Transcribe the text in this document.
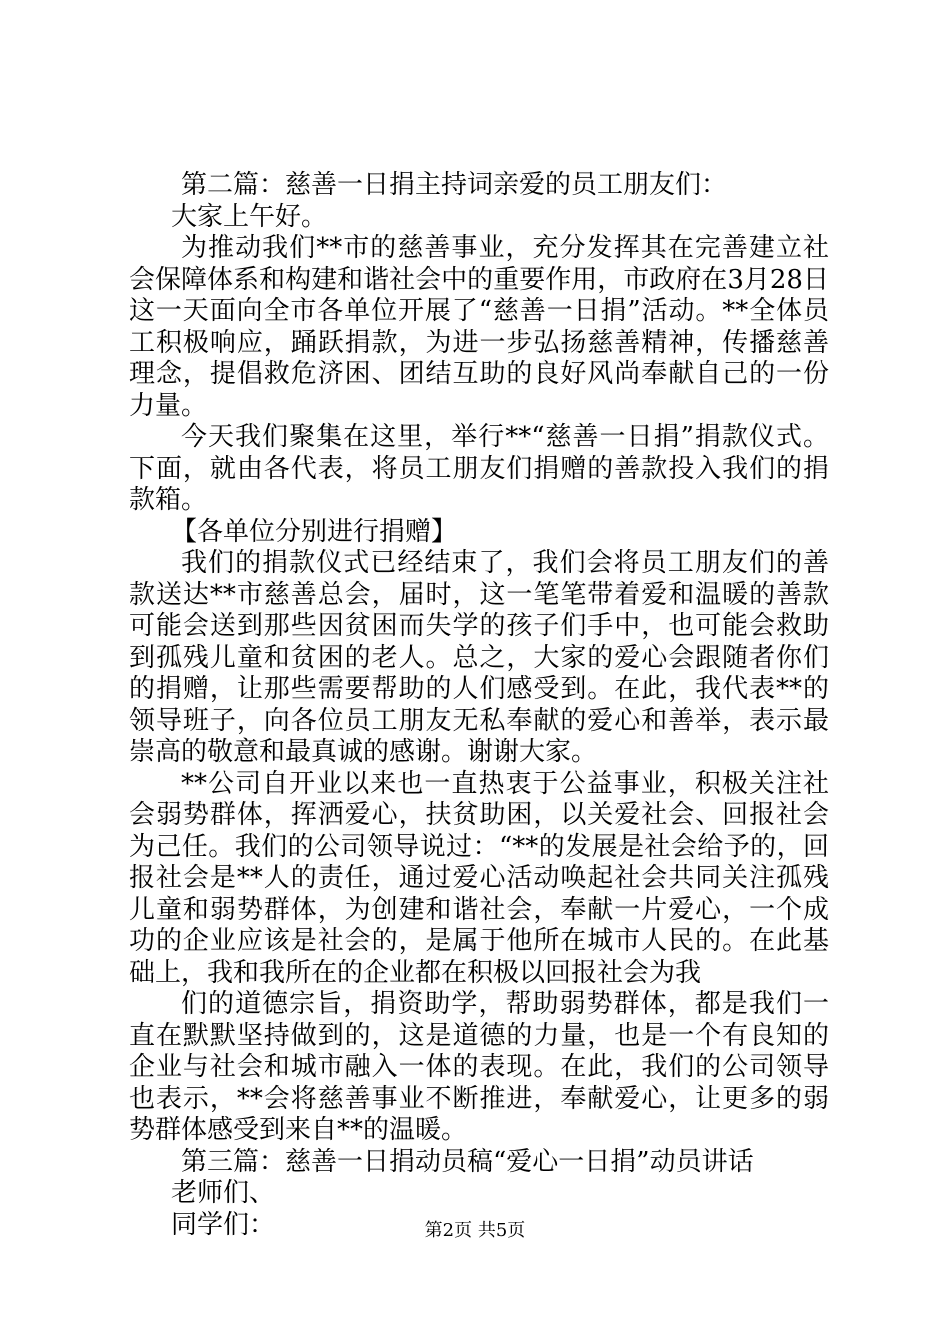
第二篇：慈善一日捐主持词亲爱的员工朋友们：

大家上午好。

为推动我们**市的慈善事业，充分发挥其在完善建立社会保障体系和构建和谐社会中的重要作用，市政府在3月28日这一天面向全市各单位开展了“慈善一日捐”活动。**全体员工积极响应，踊跃捐款，为进一步弘扬慈善精神，传播慈善理念，提倡救危济困、团结互助的良好风尚奉献自己的一份力量。

今天我们聚集在这里，举行**“慈善一日捐”捐款仪式。下面，就由各代表，将员工朋友们捐赠的善款投入我们的捐款箱。

【各单位分别进行捐赠】

我们的捐款仪式已经结束了，我们会将员工朋友们的善款送达**市慈善总会，届时，这一笔笔带着爱和温暖的善款可能会送到那些因贫困而失学的孩子们手中，也可能会救助到孤残儿童和贫困的老人。总之，大家的爱心会跟随者你们的捐赠，让那些需要帮助的人们感受到。在此，我代表**的领导班子，向各位员工朋友无私奉献的爱心和善举，表示最崇高的敬意和最真诚的感谢。谢谢大家。

**公司自开业以来也一直热衷于公益事业，积极关注社会弱势群体，挥洒爱心，扶贫助困，以关爱社会、回报社会为己任。我们的公司领导说过：“**的发展是社会给予的，回报社会是**人的责任，通过爱心活动唤起社会共同关注孤残儿童和弱势群体，为创建和谐社会，奉献一片爱心，一个成功的企业应该是社会的，是属于他所在城市人民的。在此基础上，我和我所在的企业都在积极以回报社会为我

们的道德宗旨，捐资助学，帮助弱势群体，都是我们一直在默默坚持做到的，这是道德的力量，也是一个有良知的企业与社会和城市融入一体的表现。在此，我们的公司领导也表示，**会将慈善事业不断推进，奉献爱心，让更多的弱势群体感受到来自**的温暖。

第三篇：慈善一日捐动员稿“爱心一日捐”动员讲话

老师们、

同学们：	第2页 共5页
